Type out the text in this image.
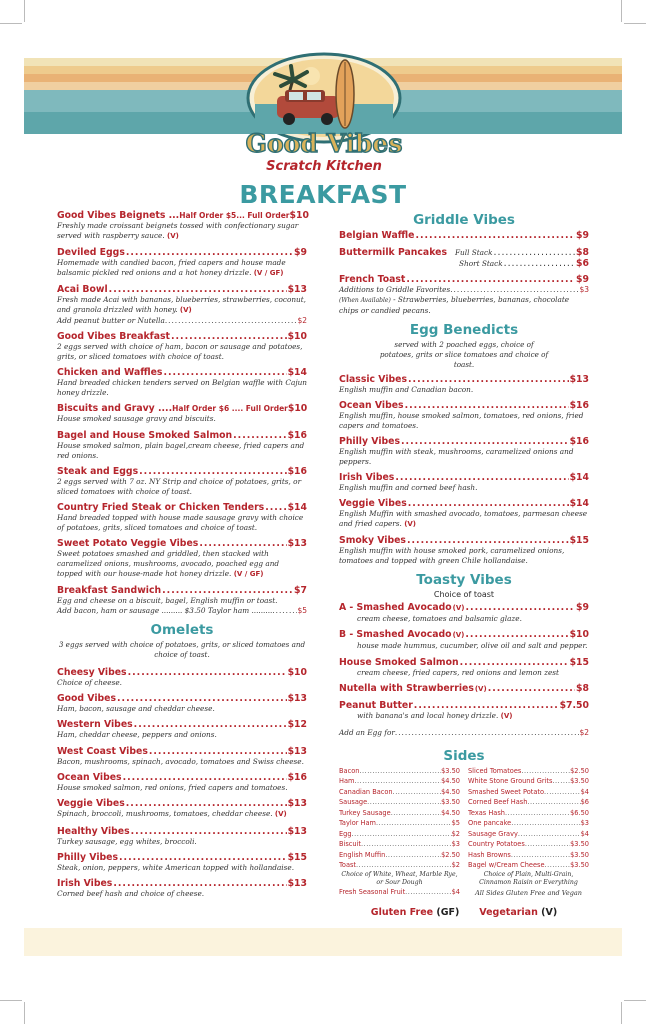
Good Vibes
Scratch Kitchen
BREAKFAST
Good Vibes Beignets ... Half Order $5... Full Order $10
Freshly made croissant beignets tossed with confectionary sugar served with raspberry sauce. (V)
Deviled Eggs .....	$9
Homemade with candied bacon, fried capers and house made balsamic pickled red onions and a hot honey drizzle. (V / GF)
Acai Bowl .....	$13
Fresh made Acai with bananas, blueberries, strawberries, coconut, and granola drizzled with honey. (V)
Add peanut butter or Nutella .....	$2
Good Vibes Breakfast .....	$10
2 eggs served with choice of ham, bacon or sausage and potatoes, grits, or sliced tomatoes with choice of toast.
Chicken and Waffles .....	$14
Hand breaded chicken tenders served on Belgian waffle with Cajun honey drizzle.
Biscuits and Gravy .... Half Order $6 .... Full Order $10
House smoked sausage gravy and biscuits.
Bagel and House Smoked Salmon .....	$16
House smoked salmon, plain bagel,cream cheese, fried capers and red onions.
Steak and Eggs .....	$16
2 eggs served with 7 oz. NY Strip and choice of potatoes, grits, or sliced tomatoes with choice of toast.
Country Fried Steak or Chicken Tenders .....	$14
Hand breaded topped with house made sausage gravy with choice of potatoes, grits, sliced tomatoes and choice of toast.
Sweet Potato Veggie Vibes .....	$13
Sweet potatoes smashed and griddled, then stacked with caramelized onions, mushrooms, avocado, poached egg and topped with our house-made hot honey drizzle. (V / GF)
Breakfast Sandwich .....	$7
Egg and cheese on a biscuit, bagel, English muffin or toast.
Add bacon, ham or sausage ......... $3.50 Taylor ham ......... .....	$5
Omelets
3 eggs served with choice of potatoes, grits, or sliced tomatoes and choice of toast.
Cheesy Vibes .....	$10
Choice of cheese.
Good Vibes .....	$13
Ham, bacon, sausage and cheddar cheese.
Western Vibes .....	$12
Ham, cheddar cheese, peppers and onions.
West Coast Vibes .....	$13
Bacon, mushrooms, spinach, avocado, tomatoes and Swiss cheese.
Ocean Vibes .....	$16
House smoked salmon, red onions, fried capers and tomatoes.
Veggie Vibes .....	$13
Spinach, broccoli, mushrooms, tomatoes, cheddar cheese. (V)
Healthy Vibes .....	$13
Turkey sausage, egg whites, broccoli.
Philly Vibes .....	$15
Steak, onion, peppers, white American topped with hollandaise.
Irish Vibes .....	$13
Corned beef hash and choice of cheese.
Griddle Vibes
Belgian Waffle .....	$9
Buttermilk Pancakes Full Stack .....	$8
Short Stack .....	$6
French Toast .....	$9
Additions to Griddle Favorites .....	$3
(When Available) - Strawberries, blueberries, bananas, chocolate chips or candied pecans.
Egg Benedicts
served with 2 poached eggs, choice of potatoes, grits or slice tomatoes and choice of toast.
Classic Vibes .....	$13
English muffin and Canadian bacon.
Ocean Vibes .....	$16
English muffin, house smoked salmon, tomatoes, red onions, fried capers and tomatoes.
Philly Vibes .....	$16
English muffin with steak, mushrooms, caramelized onions and peppers.
Irish Vibes .....	$14
English muffin and corned beef hash.
Veggie Vibes .....	$14
English Muffin with smashed avocado, tomatoes, parmesan cheese and fried capers. (V)
Smoky Vibes .....	$15
English muffin with house smoked pork, caramelized onions, tomatoes and topped with green Chile hollandaise.
Toasty Vibes
Choice of toast
A - Smashed Avocado (V) .....	$9
cream cheese, tomatoes and balsamic glaze.
B - Smashed Avocado (V) .....	$10
house made hummus, cucumber, olive oil and salt and pepper.
House Smoked Salmon .....	$15
cream cheese, fried capers, red onions and lemon zest
Nutella with Strawberries (V) .....	$8
Peanut Butter .....	$7.50
with banana's and local honey drizzle. (V)
Add an Egg for .....	$2
Sides
Bacon .....	$3.50
Ham .....	$4.50
Canadian Bacon .....	$4.50
Sausage .....	$3.50
Turkey Sausage .....	$4.50
Taylor Ham .....	$5
Egg .....	$2
Biscuit .....	$3
English Muffin .....	$2.50
Toast .....	$2
Choice of White, Wheat, Marble Rye, or Sour Dough
Fresh Seasonal Fruit .....	$4
Sliced Tomatoes .....	$2.50
White Stone Ground Grits .....	$3.50
Smashed Sweet Potato .....	$4
Corned Beef Hash .....	$6
Texas Hash .....	$6.50
One pancake .....	$3
Sausage Gravy .....	$4
Country Potatoes .....	$3.50
Hash Browns .....	$3.50
Bagel w/Cream Cheese .....	$3.50
Choice of Plain, Multi-Grain, Cinnamon Raisin or Everything
All Sides Gluten Free and Vegan
Gluten Free (GF) Vegetarian (V)
